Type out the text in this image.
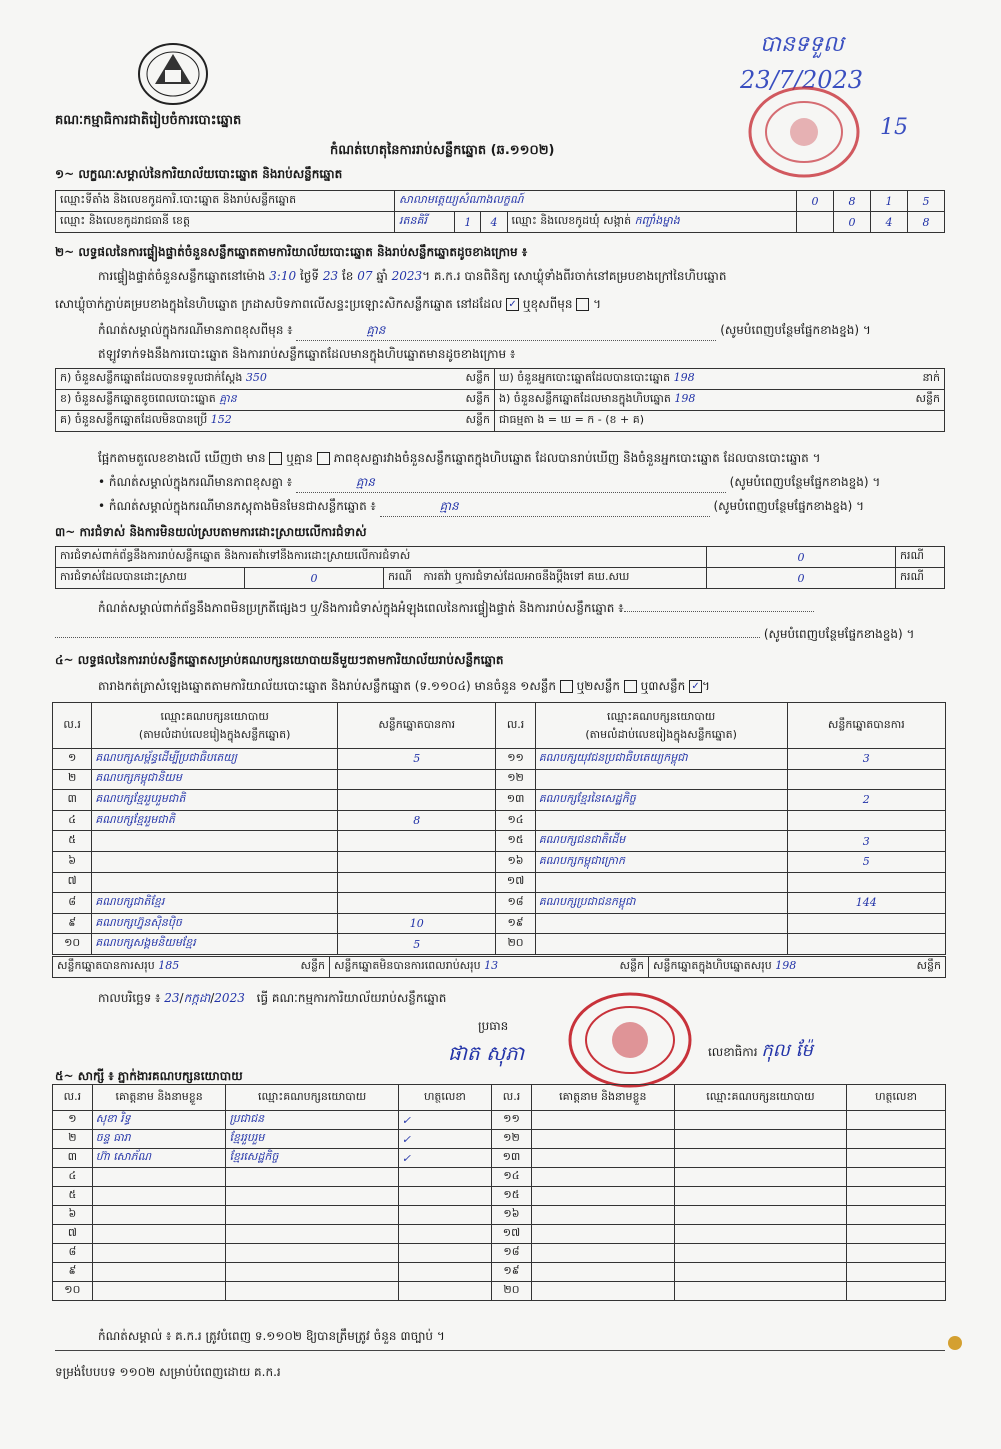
គណៈកម្មាធិការជាតិរៀបចំការបោះឆ្នោត
បានទទួល
23/7/2023
15
កំណត់ហេតុនៃការរាប់សន្លឹកឆ្នោត (ឆ.១១០២)
១~ លក្ខណៈសម្គាល់នៃការិយាល័យបោះឆ្នោត និងរាប់សន្លឹកឆ្នោត
ឈ្មោះទីតាំង និងលេខកូដការិ.បោះឆ្នោត និងរាប់សន្លឹកឆ្នោត	សាលាមត្តេយ្យសំណាងលក្ខណ៍				0	8	1	5
ឈ្មោះ និងលេខកូដរាជធានី ខេត្ត	រតនគិរី	1	4	ឈ្មោះ និងលេខកូដឃុំ សង្កាត់ កញ្ចាំងម្នាង		0	4	8
២~ លទ្ធផលនៃការផ្ទៀងផ្ទាត់ចំនួនសន្លឹកឆ្នោតតាមការិយាល័យបោះឆ្នោត និងរាប់សន្លឹកឆ្នោតដូចខាងក្រោម ៖
ការផ្ទៀងផ្ទាត់ចំនួនសន្លឹកឆ្នោតនៅម៉ោង 3:10 ថ្ងៃទី 23 ខែ 07 ឆ្នាំ 2023។ គ.ក.រ បានពិនិត្យ សោឃ្លុំទាំងពីរចាក់នៅគម្របខាងក្រៅនៃហិបឆ្នោត
សោឃ្លុំចាក់ភ្ជាប់គម្របខាងក្នុងនៃហិបឆ្នោត ក្រដាសបិទភាពលើសន្ទះប្រឡោះសិកសន្លឹកឆ្នោត នៅដដែល ✓ ឬខុសពីមុន  ។
កំណត់សម្គាល់ក្នុងករណីមានភាពខុសពីមុន ៖	គ្មាន	(សូមបំពេញបន្ថែមផ្នែកខាងខ្នង) ។
ឥឡូវទាក់ទងនឹងការបោះឆ្នោត និងការរាប់សន្លឹកឆ្នោតដែលមានក្នុងហិបឆ្នោតមានដូចខាងក្រោម ៖
ក) ចំនួនសន្លឹកឆ្នោតដែលបានទទួលជាក់ស្តែង 350 សន្លឹក	ឃ) ចំនួនអ្នកបោះឆ្នោតដែលបានបោះឆ្នោត 198 នាក់

ខ) ចំនួនសន្លឹកឆ្នោតខូចពេលបោះឆ្នោត គ្មាន សន្លឹក	ង) ចំនួនសន្លឹកឆ្នោតដែលមានក្នុងហិបឆ្នោត 198 សន្លឹក

គ) ចំនួនសន្លឹកឆ្នោតដែលមិនបានប្រើ 152 សន្លឹក	ជាធម្មតា ង = ឃ = ក - (ខ + គ)
ផ្អែកតាមតួលេខខាងលើ ឃើញថា មាន ឬគ្មាន ភាពខុសគ្នារវាងចំនួនសន្លឹកឆ្នោតក្នុងហិបឆ្នោត ដែលបានរាប់ឃើញ និងចំនួនអ្នកបោះឆ្នោត ដែលបានបោះឆ្នោត ។
• កំណត់សម្គាល់ក្នុងករណីមានភាពខុសគ្នា ៖	គ្មាន	(សូមបំពេញបន្ថែមផ្នែកខាងខ្នង) ។
• កំណត់សម្គាល់ក្នុងករណីមានភស្តុតាងមិនមែនជាសន្លឹកឆ្នោត ៖	គ្មាន	(សូមបំពេញបន្ថែមផ្នែកខាងខ្នង) ។
៣~ ការជំទាស់ និងការមិនយល់ស្របតាមការដោះស្រាយលើការជំទាស់
ការជំទាស់ពាក់ព័ន្ធនឹងការរាប់សន្លឹកឆ្នោត និងការតវ៉ាទៅនឹងការដោះស្រាយលើការជំទាស់			0	ករណី
ការជំទាស់ដែលបានដោះស្រាយ	0	ករណី ការតវ៉ា ឬការជំទាស់ដែលអាចនឹងប្តឹងទៅ គឃ.សឃ	0	ករណី
កំណត់សម្គាល់ពាក់ព័ន្ធនឹងភាពមិនប្រក្រតីផ្សេងៗ ឬ/និងការជំទាស់ក្នុងអំឡុងពេលនៃការផ្ទៀងផ្ទាត់ និងការរាប់សន្លឹកឆ្នោត ៖
(សូមបំពេញបន្ថែមផ្នែកខាងខ្នង) ។
៤~ លទ្ធផលនៃការរាប់សន្លឹកឆ្នោតសម្រាប់គណបក្សនយោបាយនីមួយៗតាមការិយាល័យរាប់សន្លឹកឆ្នោត
តារាងកត់ត្រាសំឡេងឆ្នោតតាមការិយាល័យបោះឆ្នោត និងរាប់សន្លឹកឆ្នោត (ទ.១១០៤) មានចំនួន ១សន្លឹក ឬ២សន្លឹក ឬ៣សន្លឹក ✓ ។
ល.រ	ឈ្មោះគណបក្សនយោបាយ
(តាមលំដាប់លេខរៀងក្នុងសន្លឹកឆ្នោត)	សន្លឹកឆ្នោតបានការ	ល.រ	ឈ្មោះគណបក្សនយោបាយ
(តាមលំដាប់លេខរៀងក្នុងសន្លឹកឆ្នោត)	សន្លឹកឆ្នោតបានការ
១	គណបក្សសម្ព័ន្ធដើម្បីប្រជាធិបតេយ្យ	5	១១	គណបក្សយុវជនប្រជាធិបតេយ្យកម្ពុជា	3
២	គណបក្សកម្ពុជានិយម		១២		
៣	គណបក្សខ្មែររួបរួមជាតិ		១៣	គណបក្សខ្មែរនៃសេដ្ឋកិច្ច	2
៤	គណបក្សខ្មែររួមជាតិ	8	១៤		
៥			១៥	គណបក្សជនជាតិដើម	3
៦			១៦	គណបក្សកម្ពុជាក្រោក	5
៧			១៧		
៨	គណបក្សជាតិខ្មែរ		១៨	គណបក្សប្រជាជនកម្ពុជា	144
៩	គណបក្សហ្វ៊ុនស៊ិនប៉ិច	10	១៩		
១០	គណបក្សសង្គមនិយមខ្មែរ	5	២០		
សន្លឹកឆ្នោតបានការសរុប 185	សន្លឹក	សន្លឹកឆ្នោតមិនបានការពេលរាប់សរុប 13	សន្លឹក	សន្លឹកឆ្នោតក្នុងហិបឆ្នោតសរុប 198	សន្លឹក
កាលបរិច្ឆេទ ៖ 23/កក្កដា/2023 ធ្វើ គណៈកម្មការការិយាល័យរាប់សន្លឹកឆ្នោត
ប្រធាន
ផាត សុភា	លេខាធិការ កុល ម៉ែ
៥~ សាក្សី ៖ ភ្នាក់ងារគណបក្សនយោបាយ
ល.រ	គោត្តនាម និងនាមខ្លួន	ឈ្មោះគណបក្សនយោបាយ	ហត្ថលេខា	ល.រ	គោត្តនាម និងនាមខ្លួន	ឈ្មោះគណបក្សនយោបាយ	ហត្ថលេខា
១	សុខា រិទ្ធ	ប្រជាជន	✓	១១			
២	ចន្ទ ធារា	ខ្មែររួបរួម	✓	១២			
៣	ហ៊ា សោភ័ណ	ខ្មែរសេដ្ឋកិច្ច	✓	១៣			
៤				១៤			
៥				១៥			
៦				១៦			
៧				១៧			
៨				១៨			
៩				១៩			
១០				២០			
កំណត់សម្គាល់ ៖ គ.ក.រ ត្រូវបំពេញ ទ.១១០២ ឱ្យបានត្រឹមត្រូវ ចំនួន ៣ច្បាប់ ។
ទម្រង់បែបបទ ១១០២ សម្រាប់បំពេញដោយ គ.ក.រ
